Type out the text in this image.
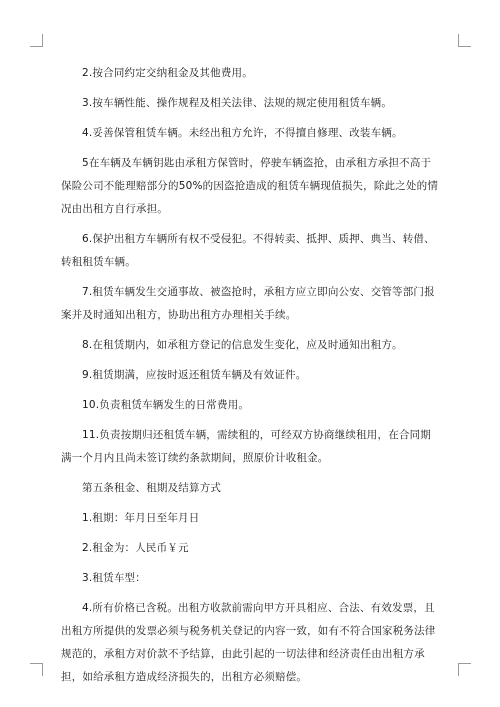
2.按合同约定交纳租金及其他费用。

3.按车辆性能、操作规程及相关法律、法规的规定使用租赁车辆。

4.妥善保管租赁车辆。未经出租方允许，不得擅自修理、改装车辆。

5在车辆及车辆钥匙由承租方保管时，停驶车辆盗抢，由承租方承担不高于保险公司不能理赔部分的50%的因盗抢造成的租赁车辆现值损失，除此之处的情况由出租方自行承担。

6.保护出租方车辆所有权不受侵犯。不得转卖、抵押、质押、典当、转借、转租租赁车辆。

7.租赁车辆发生交通事故、被盗抢时，承租方应立即向公安、交管等部门报案并及时通知出租方，协助出租方办理相关手续。

8.在租赁期内，如承租方登记的信息发生变化，应及时通知出租方。

9.租赁期满，应按时返还租赁车辆及有效证件。

10.负责租赁车辆发生的日常费用。

11.负责按期归还租赁车辆，需续租的，可经双方协商继续租用，在合同期满一个月内且尚未签订续约条款期间，照原价计收租金。

第五条租金、租期及结算方式

1.租期：年月日至年月日

2.租金为：人民币￥元

3.租赁车型：

4.所有价格已含税。出租方收款前需向甲方开具相应、合法、有效发票，且出租方所提供的发票必须与税务机关登记的内容一致，如有不符合国家税务法律规范的，承租方对价款不予结算，由此引起的一切法律和经济责任由出租方承担，如给承租方造成经济损失的，出租方必须赔偿。
